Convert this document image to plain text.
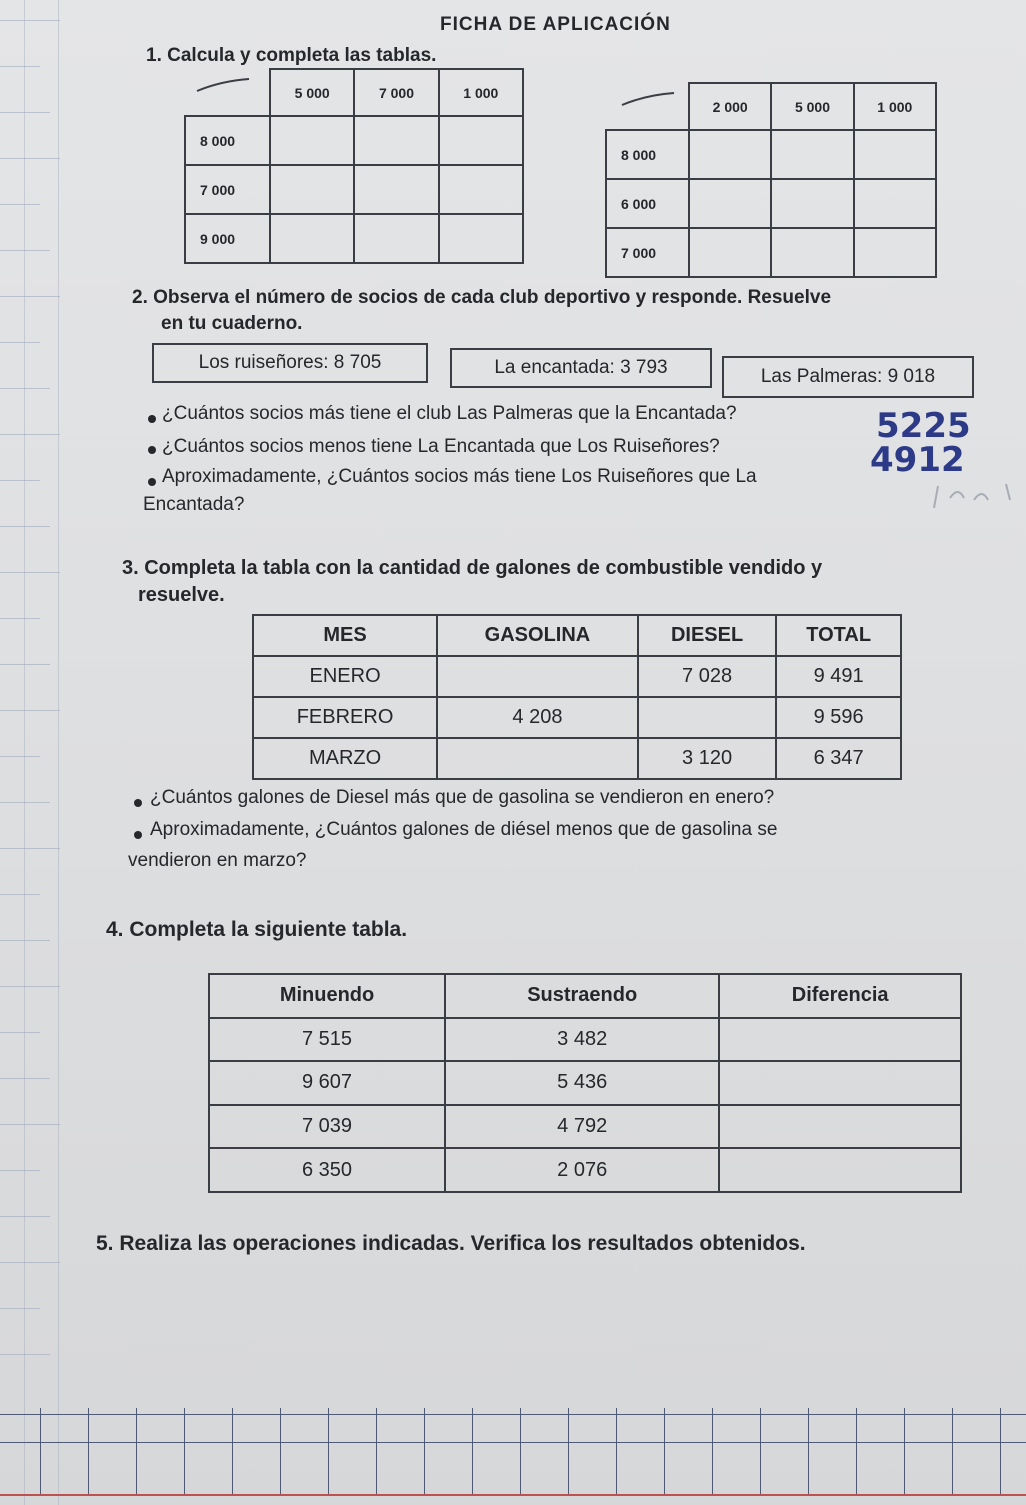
FICHA DE APLICACIÓN
1. Calcula y completa las tablas.
	5 000	7 000	1 000
8 000			
7 000			
9 000			
	2 000	5 000	1 000
8 000			
6 000			
7 000			
2. Observa el número de socios de cada club deportivo y responde. Resuelve
en tu cuaderno.
Los ruiseñores: 8 705	La encantada: 3 793	Las Palmeras: 9 018
¿Cuántos socios más tiene el club Las Palmeras que la Encantada?	5225
¿Cuántos socios menos tiene La Encantada que Los Ruiseñores?	4912
Aproximadamente, ¿Cuántos socios más tiene Los Ruiseñores que La
Encantada?
3. Completa la tabla con la cantidad de galones de combustible vendido y
resuelve.
MES	GASOLINA	DIESEL	TOTAL
ENERO		7 028	9 491
FEBRERO	4 208		9 596
MARZO		3 120	6 347
¿Cuántos galones de Diesel más que de gasolina se vendieron en enero?
Aproximadamente, ¿Cuántos galones de diésel menos que de gasolina se
vendieron en marzo?
4. Completa la siguiente tabla.
Minuendo	Sustraendo	Diferencia
7 515	3 482	
9 607	5 436	
7 039	4 792	
6 350	2 076	
5. Realiza las operaciones indicadas. Verifica los resultados obtenidos.
